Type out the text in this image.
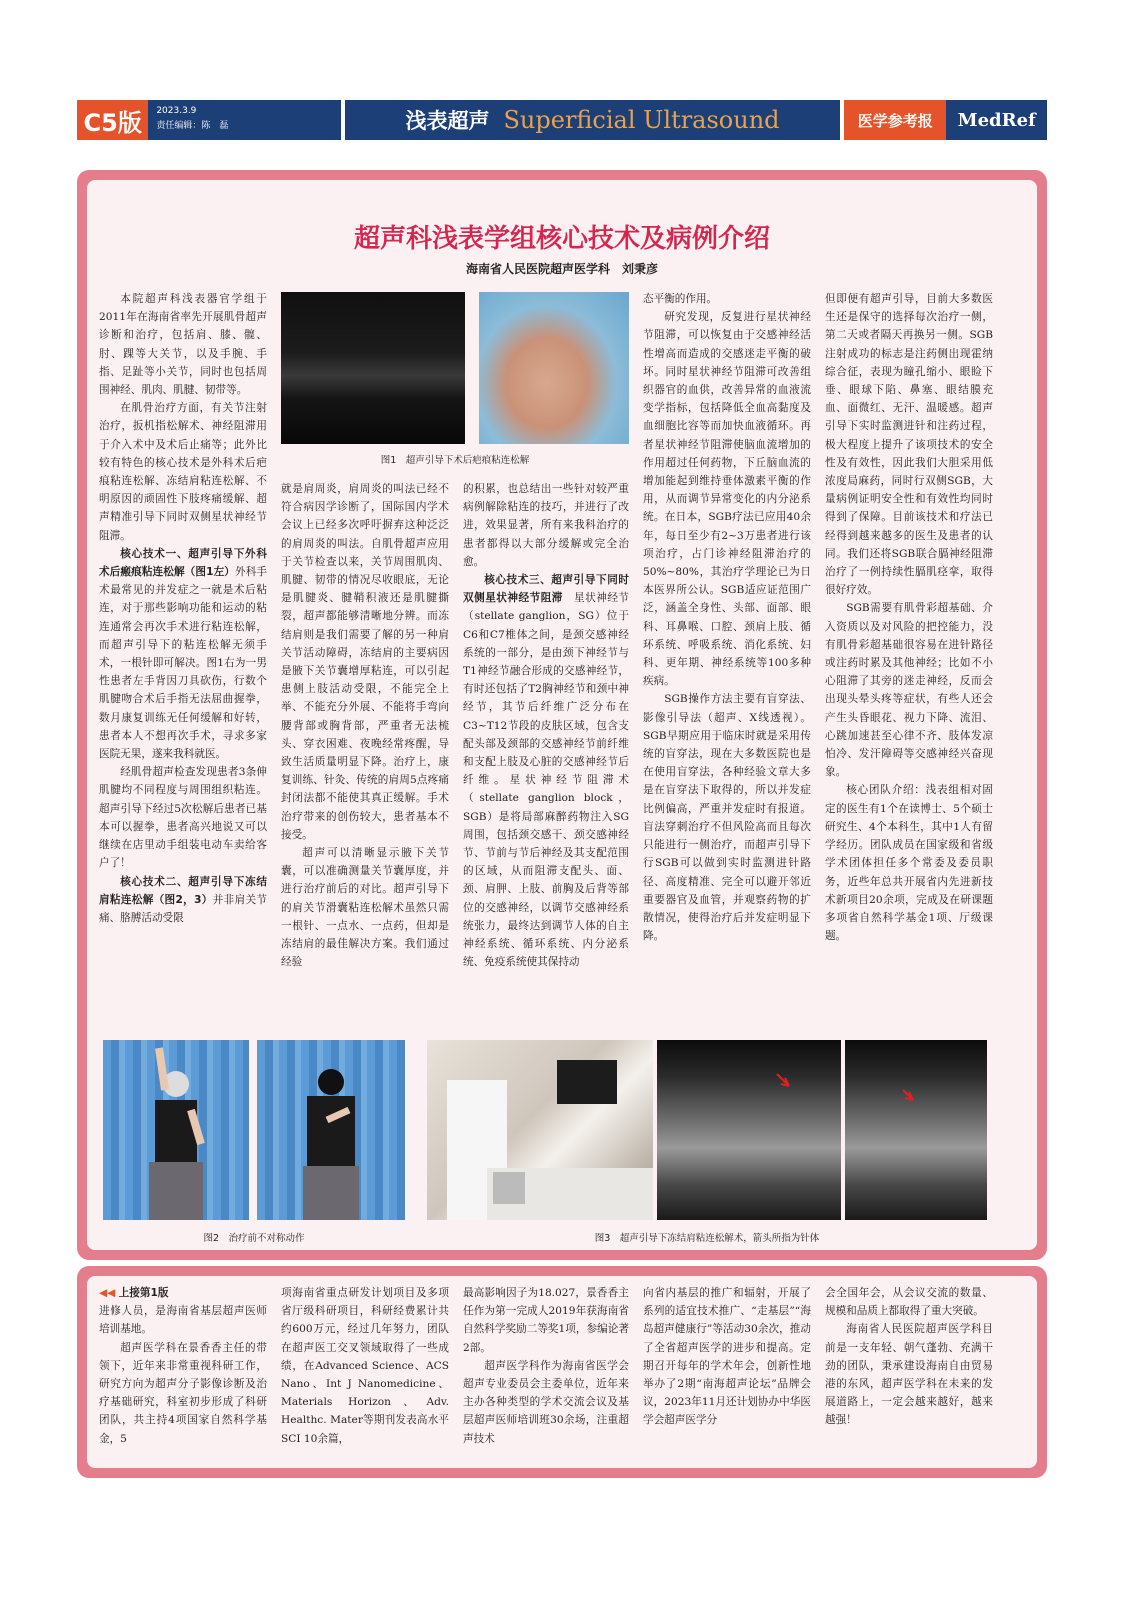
C5版	2023.3.9
责任编辑：陈　磊	浅表超声 Superficial Ultrasound	医学参考报	MedRef
超声科浅表学组核心技术及病例介绍
海南省人民医院超声医学科　刘秉彦

本院超声科浅表器官学组于2011年在海南省率先开展肌骨超声诊断和治疗，包括肩、膝、髋、肘、踝等大关节，以及手腕、手指、足趾等小关节，同时也包括周围神经、肌肉、肌腱、韧带等。

在肌骨治疗方面，有关节注射治疗，扳机指松解术、神经阻滞用于介入术中及术后止痛等；此外比较有特色的核心技术是外科术后疤痕粘连松解、冻结肩粘连松解、不明原因的顽固性下肢疼痛缓解、超声精准引导下同时双侧星状神经节阻滞。

核心技术一、超声引导下外科术后瘢痕粘连松解（图1左）外科手术最常见的并发症之一就是术后粘连，对于那些影响功能和运动的粘连通常会再次手术进行粘连松解，而超声引导下的粘连松解无须手术，一根针即可解决。图1右为一男性患者左手背因刀具砍伤，行数个肌腱吻合术后手指无法屈曲握拳，数月康复训练无任何缓解和好转，患者本人不想再次手术，寻求多家医院无果，遂来我科就医。

经肌骨超声检查发现患者3条伸肌腱均不同程度与周围组织粘连。超声引导下经过5次松解后患者已基本可以握拳，患者高兴地说又可以继续在店里动手组装电动车卖给客户了！

核心技术二、超声引导下冻结肩粘连松解（图2，3）并非肩关节痛、胳膊活动受限

图1　超声引导下术后疤痕粘连松解

就是肩周炎，肩周炎的叫法已经不符合病因学诊断了，国际国内学术会议上已经多次呼吁摒弃这种泛泛的肩周炎的叫法。自肌骨超声应用于关节检查以来，关节周围肌肉、肌腱、韧带的情况尽收眼底，无论是肌腱炎、腱鞘积液还是肌腱撕裂，超声都能够清晰地分辨。而冻结肩则是我们需要了解的另一种肩关节活动障碍，冻结肩的主要病因是腋下关节囊增厚粘连，可以引起患侧上肢活动受限，不能完全上举、不能充分外展、不能将手弯向腰背部或胸背部，严重者无法梳头、穿衣困难、夜晚经常疼醒，导致生活质量明显下降。治疗上，康复训练、针灸、传统的肩周5点疼痛封闭法都不能使其真正缓解。手术治疗带来的创伤较大，患者基本不接受。

超声可以清晰显示腋下关节囊，可以准确测量关节囊厚度，并进行治疗前后的对比。超声引导下的肩关节滑囊粘连松解术虽然只需一根针、一点水、一点药，但却是冻结肩的最佳解决方案。我们通过经验

的积累，也总结出一些针对较严重病例解除粘连的技巧，并进行了改进，效果显著，所有来我科治疗的患者都得以大部分缓解或完全治愈。

核心技术三、超声引导下同时双侧星状神经节阻滞　 星状神经节（stellate ganglion，SG）位于C6和C7椎体之间，是颈交感神经系统的一部分，是由颈下神经节与T1神经节融合形成的交感神经节，有时还包括了T2胸神经节和颈中神经节，其节后纤维广泛分布在C3~T12节段的皮肤区域，包含支配头部及颈部的交感神经节前纤维和支配上肢及心脏的交感神经节后纤维。星状神经节阻滞术（stellate ganglion block，SGB）是将局部麻醉药物注入SG周围，包括颈交感干、颈交感神经节、节前与节后神经及其支配范围的区域，从而阻滞支配头、面、颈、肩胛、上肢、前胸及后背等部位的交感神经，以调节交感神经系统张力，最终达到调节人体的自主神经系统、循环系统、内分泌系统、免疫系统使其保持动

态平衡的作用。

研究发现，反复进行星状神经节阻滞，可以恢复由于交感神经活性增高而造成的交感迷走平衡的破坏。同时星状神经节阻滞可改善组织器官的血供，改善异常的血液流变学指标，包括降低全血高黏度及血细胞比容等而加快血液循环。再者星状神经节阻滞使脑血流增加的作用超过任何药物，下丘脑血流的增加能起到维持垂体激素平衡的作用，从而调节异常变化的内分泌系统。在日本，SGB疗法已应用40余年，每日至少有2~3万患者进行该项治疗，占门诊神经阻滞治疗的50%~80%，其治疗学理论已为日本医界所公认。SGB适应证范围广泛，涵盖全身性、头部、面部、眼科、耳鼻喉、口腔、颈肩上肢、循环系统、呼吸系统、消化系统、妇科、更年期、神经系统等100多种疾病。

SGB操作方法主要有盲穿法、影像引导法（超声、X线透视）。SGB早期应用于临床时就是采用传统的盲穿法，现在大多数医院也是在使用盲穿法，各种经验文章大多是在盲穿法下取得的，所以并发症比例偏高，严重并发症时有报道。盲法穿刺治疗不但风险高而且每次只能进行一侧治疗，而超声引导下行SGB可以做到实时监测进针路径、高度精准、完全可以避开邻近重要器官及血管，并观察药物的扩散情况，使得治疗后并发症明显下降。

但即便有超声引导，目前大多数医生还是保守的选择每次治疗一侧，第二天或者隔天再换另一侧。SGB注射成功的标志是注药侧出现霍纳综合征，表现为瞳孔缩小、眼睑下垂、眼球下陷、鼻塞、眼结膜充血、面微红、无汗、温暖感。超声引导下实时监测进针和注药过程，极大程度上提升了该项技术的安全性及有效性，因此我们大胆采用低浓度局麻药，同时行双侧SGB，大量病例证明安全性和有效性均同时得到了保障。目前该技术和疗法已经得到越来越多的医生及患者的认同。我们还将SGB联合膈神经阻滞治疗了一例持续性膈肌痉挛，取得很好疗效。

SGB需要有肌骨彩超基础、介入资质以及对风险的把控能力，没有肌骨彩超基础很容易在进针路径或注药时累及其他神经；比如不小心阻滞了其旁的迷走神经，反而会出现头晕头疼等症状，有些人还会产生头昏眼花、视力下降、流泪、心跳加速甚至心律不齐、肢体发凉怕冷、发汗障碍等交感神经兴奋现象。

核心团队介绍：浅表组相对固定的医生有1个在读博士、5个硕士研究生、4个本科生，其中1人有留学经历。团队成员在国家级和省级学术团体担任多个常委及委员职务，近些年总共开展省内先进新技术新项目20余项，完成及在研课题多项省自然科学基金1项、厅级课题。

图2　治疗前不对称动作	图3　超声引导下冻结肩粘连松解术，箭头所指为针体

◀◀ 上接第1版

进修人员，是海南省基层超声医师培训基地。

超声医学科在景香香主任的带领下，近年来非常重视科研工作，研究方向为超声分子影像诊断及治疗基础研究，科室初步形成了科研团队，共主持4项国家自然科学基金，5

项海南省重点研发计划项目及多项省厅级科研项目，科研经费累计共约600万元，经过几年努力，团队在超声医工交叉领域取得了一些成绩，在Advanced Science、ACS Nano、Int J Nanomedicine、Materials Horizon、Adv. Healthc. Mater等期刊发表高水平SCI 10余篇，

最高影响因子为18.027，景香香主任作为第一完成人2019年获海南省自然科学奖励二等奖1项，参编论著2部。

超声医学科作为海南省医学会超声专业委员会主委单位，近年来主办各种类型的学术交流会议及基层超声医师培训班30余场，注重超声技术

向省内基层的推广和辐射，开展了系列的适宜技术推广、“走基层”“海岛超声健康行”等活动30余次，推动了全省超声医学的进步和提高。定期召开每年的学术年会，创新性地举办了2期“南海超声论坛”品牌会议，2023年11月还计划协办中华医学会超声医学分

会全国年会，从会议交流的数量、规模和品质上都取得了重大突破。

海南省人民医院超声医学科目前是一支年轻、朝气蓬勃、充满干劲的团队，秉承建设海南自由贸易港的东风，超声医学科在未来的发展道路上，一定会越来越好，越来越强！
